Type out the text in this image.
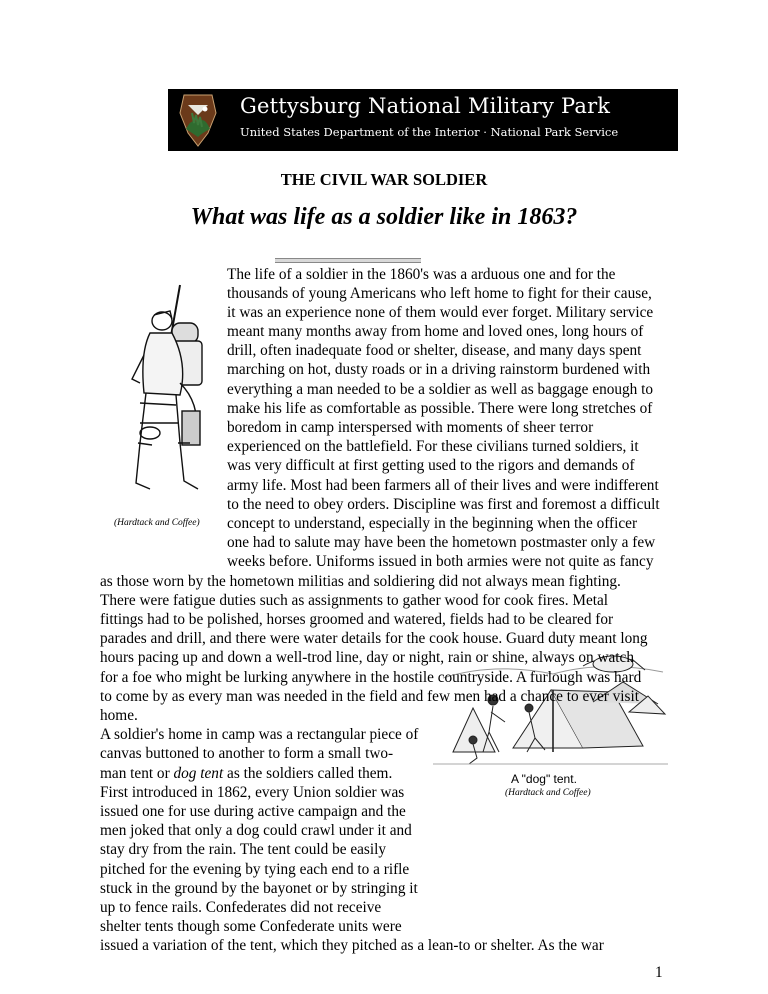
Gettysburg National Military Park
United States Department of the Interior · National Park Service
THE CIVIL WAR SOLDIER
What was life as a soldier like in 1863?
(Hardtack and Coffee)
A "dog" tent.
(Hardtack and Coffee)
The life of a soldier in the 1860's was a arduous one and for the
thousands of young Americans who left home to fight for their cause,
it was an experience none of them would ever forget. Military service
meant many months away from home and loved ones, long hours of
drill, often inadequate food or shelter, disease, and many days spent
marching on hot, dusty roads or in a driving rainstorm burdened with
everything a man needed to be a soldier as well as baggage enough to
make his life as comfortable as possible. There were long stretches of
boredom in camp interspersed with moments of sheer terror
experienced on the battlefield. For these civilians turned soldiers, it
was very difficult at first getting used to the rigors and demands of
army life. Most had been farmers all of their lives and were indifferent
to the need to obey orders. Discipline was first and foremost a difficult
concept to understand, especially in the beginning when the officer
one had to salute may have been the hometown postmaster only a few
weeks before. Uniforms issued in both armies were not quite as fancy
as those worn by the hometown militias and soldiering did not always mean fighting.
There were fatigue duties such as assignments to gather wood for cook fires. Metal
fittings had to be polished, horses groomed and watered, fields had to be cleared for
parades and drill, and there were water details for the cook house. Guard duty meant long
hours pacing up and down a well-trod line, day or night, rain or shine, always on watch
for a foe who might be lurking anywhere in the hostile countryside. A furlough was hard
to come by as every man was needed in the field and few men had a chance to ever visit
home.
A soldier's home in camp was a rectangular piece of
canvas buttoned to another to form a small two-
man tent or dog tent as the soldiers called them.
First introduced in 1862, every Union soldier was
issued one for use during active campaign and the
men joked that only a dog could crawl under it and
stay dry from the rain. The tent could be easily
pitched for the evening by tying each end to a rifle
stuck in the ground by the bayonet or by stringing it
up to fence rails. Confederates did not receive
shelter tents though some Confederate units were
issued a variation of the tent, which they pitched as a lean-to or shelter. As the war
1
